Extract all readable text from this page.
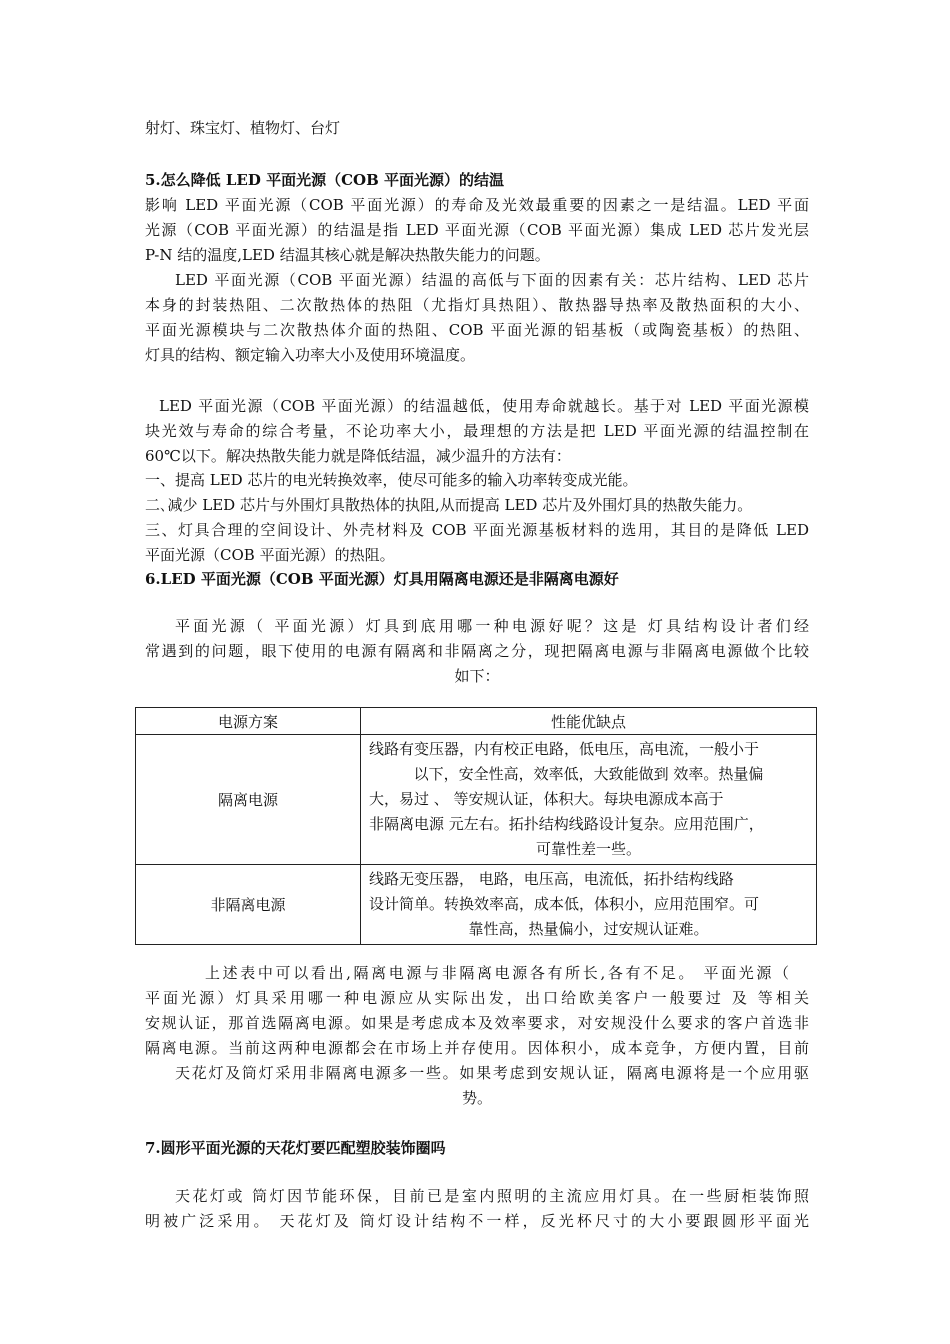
射灯、珠宝灯、植物灯、台灯
5.怎么降低 LED 平面光源（COB 平面光源）的结温
影响 LED 平面光源（COB 平面光源）的寿命及光效最重要的因素之一是结温。LED 平面
光源（COB 平面光源）的结温是指 LED 平面光源（COB 平面光源）集成 LED 芯片发光层
P-N 结的温度,LED 结温其核心就是解决热散失能力的问题。
LED 平面光源（COB 平面光源）结温的高低与下面的因素有关：芯片结构、LED 芯片
本身的封装热阻、二次散热体的热阻（尤指灯具热阻）、散热器导热率及散热面积的大小、
平面光源模块与二次散热体介面的热阻、COB 平面光源的铝基板（或陶瓷基板）的热阻、
灯具的结构、额定输入功率大小及使用环境温度。
LED 平面光源（COB 平面光源）的结温越低，使用寿命就越长。基于对 LED 平面光源模
块光效与寿命的综合考量，不论功率大小，最理想的方法是把 LED 平面光源的结温控制在
60℃以下。解决热散失能力就是降低结温，减少温升的方法有：
一、提高 LED 芯片的电光转换效率，使尽可能多的输入功率转变成光能。
二､减少 LED 芯片与外围灯具散热体的执阻,从而提高 LED 芯片及外围灯具的热散失能力。
三、灯具合理的空间设计、外壳材料及 COB 平面光源基板材料的选用，其目的是降低 LED
平面光源（COB 平面光源）的热阻。
6.LED 平面光源（COB 平面光源）灯具用隔离电源还是非隔离电源好
平面光源（ 平面光源）灯具到底用哪一种电源好呢？这是 灯具结构设计者们经
常遇到的问题，眼下使用的电源有隔离和非隔离之分，现把隔离电源与非隔离电源做个比较
如下：
电源方案	性能优缺点
隔离电源	线路有变压器，内有校正电路，低电压，高电流，一般小于
以下，安全性高，效率低，大致能做到 效率。热量偏
大，易过 、 等安规认证，体积大。每块电源成本高于
非隔离电源 元左右。拓扑结构线路设计复杂。应用范围广，
可靠性差一些。

非隔离电源	线路无变压器， 电路，电压高，电流低，拓扑结构线路
设计简单。转换效率高，成本低，体积小，应用范围窄。可
靠性高，热量偏小，过安规认证难。
上述表中可以看出,隔离电源与非隔离电源各有所长,各有不足。 平面光源（
平面光源）灯具采用哪一种电源应从实际出发，出口给欧美客户一般要过 及 等相关
安规认证，那首选隔离电源。如果是考虑成本及效率要求，对安规没什么要求的客户首选非
隔离电源。当前这两种电源都会在市场上并存使用。因体积小，成本竞争，方便内置，目前
天花灯及筒灯采用非隔离电源多一些。如果考虑到安规认证，隔离电源将是一个应用驱
势。
7.圆形平面光源的天花灯要匹配塑胶装饰圈吗
天花灯或 筒灯因节能环保，目前已是室内照明的主流应用灯具。在一些厨柜装饰照
明被广泛采用。 天花灯及 筒灯设计结构不一样，反光杯尺寸的大小要跟圆形平面光
